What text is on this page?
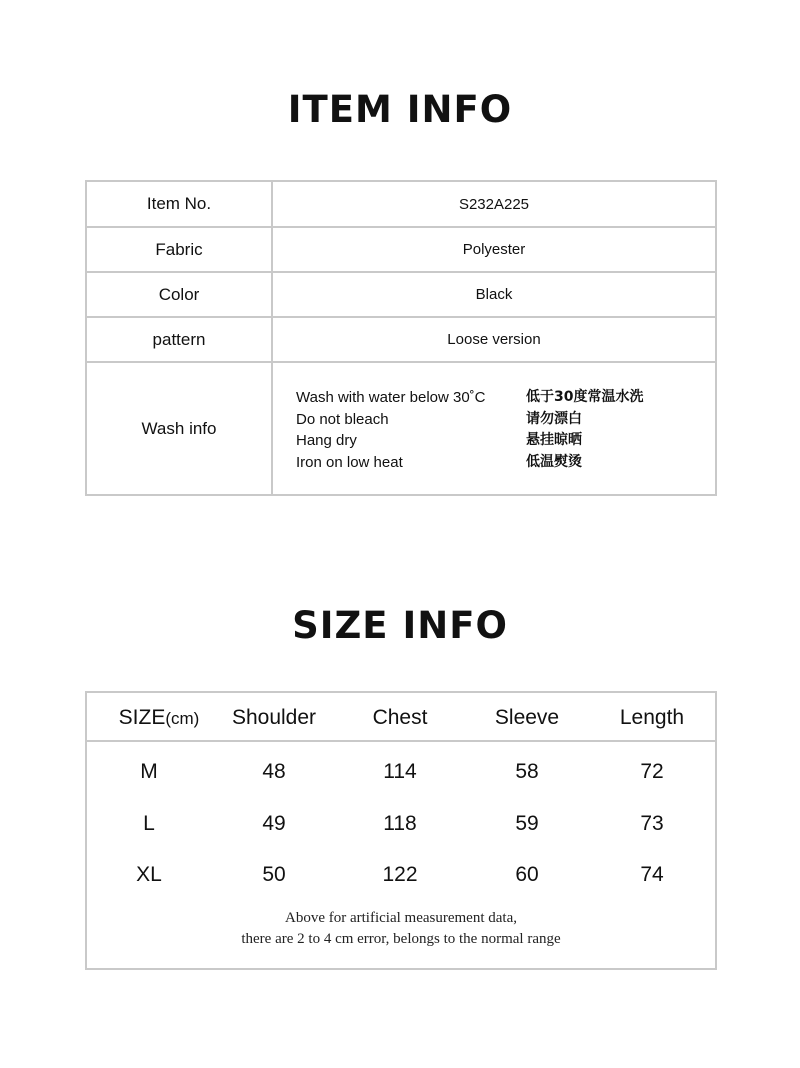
ITEM INFO
Item No.	S232A225
Fabric	Polyester
Color	Black
pattern	Loose version
Wash info
Wash with water below 30˚C	低于30度常温水洗
Do not bleach	请勿漂白
Hang dry	悬挂晾晒
Iron on low heat	低温熨烫
SIZE INFO
SIZE(cm)	Shoulder	Chest	Sleeve	Length
M	48	114	58	72
L	49	118	59	73
XL	50	122	60	74
Above for artificial measurement data,
there are 2 to 4 cm error, belongs to the normal range
